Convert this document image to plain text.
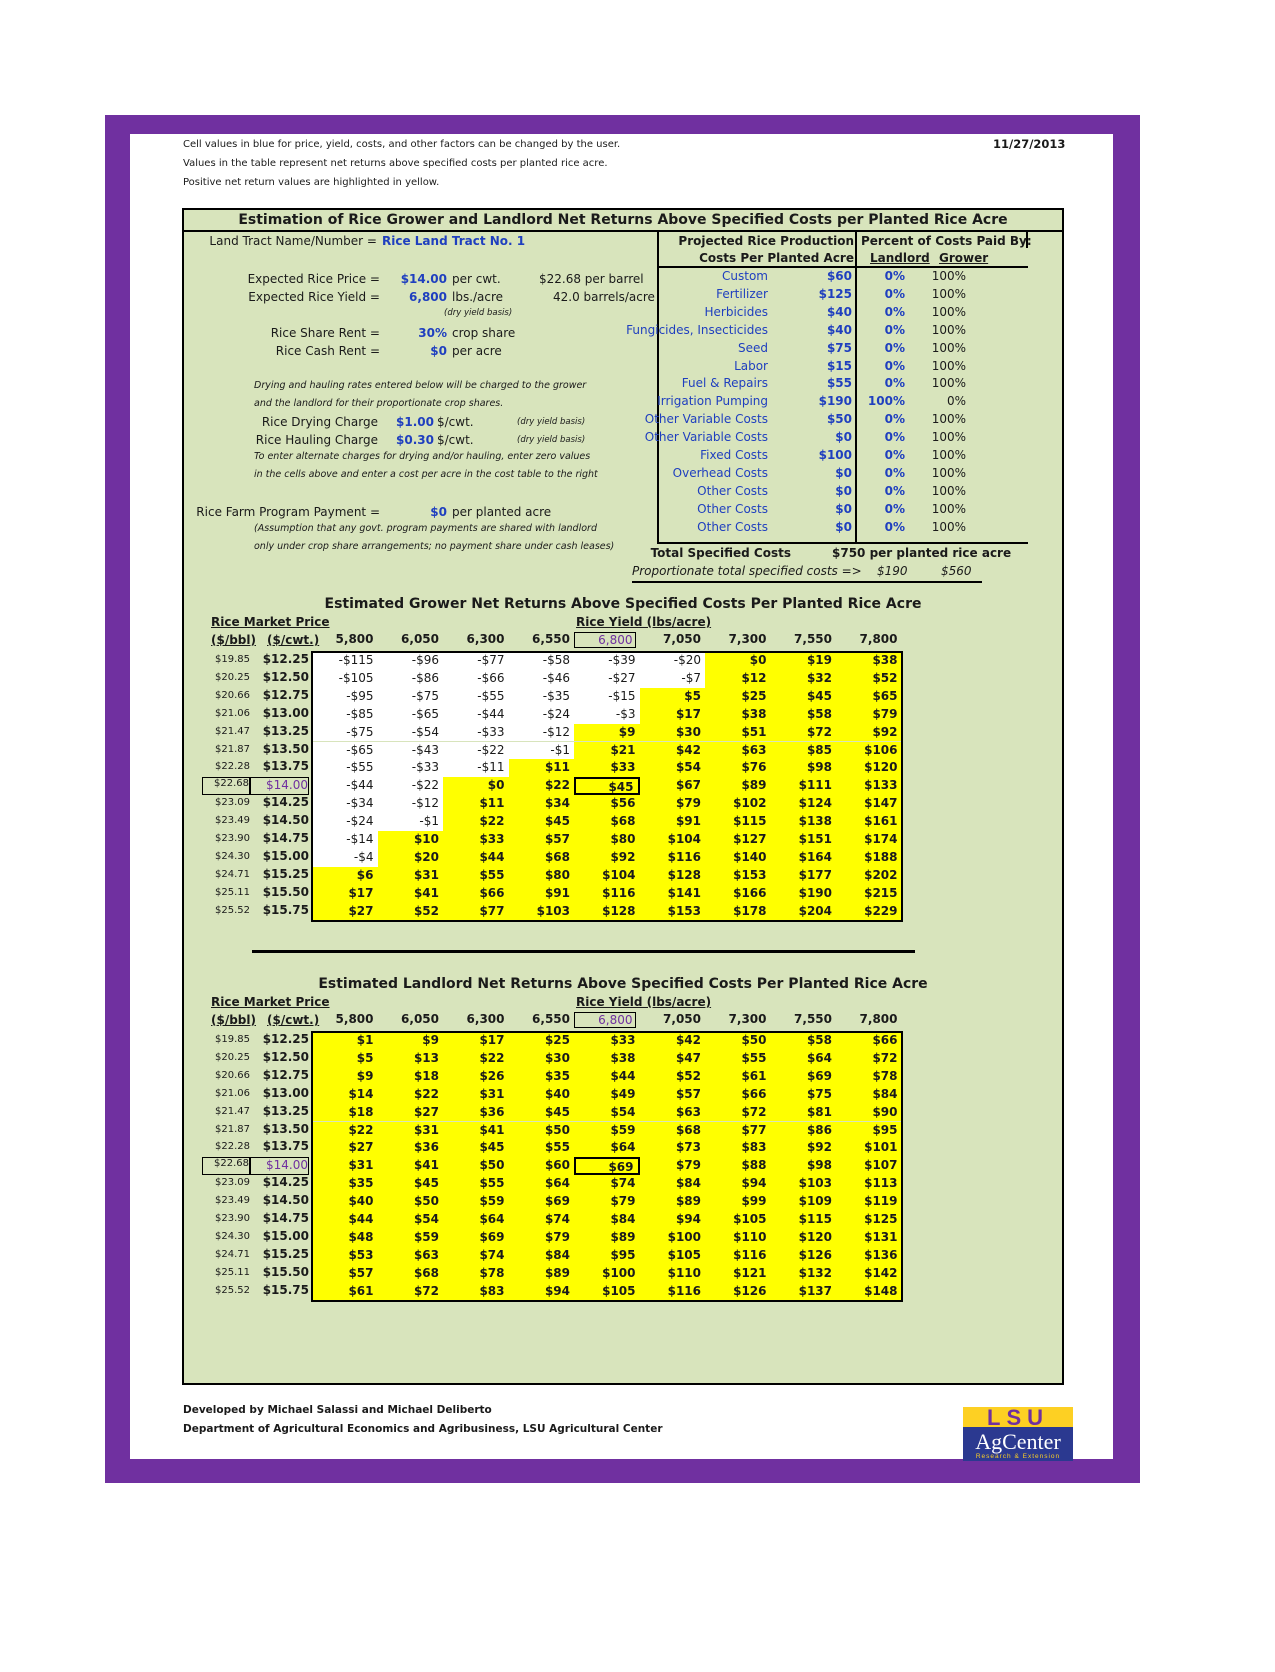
Cell values in blue for price, yield, costs, and other factors can be changed by the user.
Values in the table represent net returns above specified costs per planted rice acre.
Positive net return values are highlighted in yellow.
11/27/2013
Estimation of Rice Grower and Landlord Net Returns Above Specified Costs per Planted Rice Acre
Land Tract Name/Number = Rice Land Tract No. 1
Expected Rice Price =	$14.00 per cwt.	$22.68 per barrel
Expected Rice Yield =	6,800 lbs./acre	42.0 barrels/acre
(dry yield basis)
Rice Share Rent =	30% crop share
Rice Cash Rent =	$0 per acre
Drying and hauling rates entered below will be charged to the grower
and the landlord for their proportionate crop shares.
Rice Drying Charge	$1.00 $/cwt.	(dry yield basis)
Rice Hauling Charge	$0.30 $/cwt.	(dry yield basis)
To enter alternate charges for drying and/or hauling, enter zero values
in the cells above and enter a cost per acre in the cost table to the right
Rice Farm Program Payment =	$0 per planted acre
(Assumption that any govt. program payments are shared with landlord
only under crop share arrangements; no payment share under cash leases)
Projected Rice Production
Costs Per Planted Acre
Percent of Costs Paid By:
Landlord Grower
Custom	$60	0%	100%
Fertilizer	$125	0%	100%
Herbicides	$40	0%	100%
Fungicides, Insecticides	$40	0%	100%
Seed	$75	0%	100%
Labor	$15	0%	100%
Fuel & Repairs	$55	0%	100%
Irrigation Pumping	$190	100%	0%
Other Variable Costs	$50	0%	100%
Other Variable Costs	$0	0%	100%
Fixed Costs	$100	0%	100%
Overhead Costs	$0	0%	100%
Other Costs	$0	0%	100%
Other Costs	$0	0%	100%
Other Costs	$0	0%	100%
Total Specified Costs	$750 per planted rice acre
Proportionate total specified costs => $190	$560
Estimated Grower Net Returns Above Specified Costs Per Planted Rice Acre
Rice Market Price	Rice Yield (lbs/acre)
($/bbl) ($/cwt.)	5,800	6,050	6,300	6,550	6,800	7,050	7,300	7,550	7,800
$19.85	$12.25	-$115	-$96	-$77	-$58	-$39	-$20	$0	$19	$38
$20.25	$12.50	-$105	-$86	-$66	-$46	-$27	-$7	$12	$32	$52
$20.66	$12.75	-$95	-$75	-$55	-$35	-$15	$5	$25	$45	$65
$21.06	$13.00	-$85	-$65	-$44	-$24	-$3	$17	$38	$58	$79
$21.47	$13.25	-$75	-$54	-$33	-$12	$9	$30	$51	$72	$92
$21.87	$13.50	-$65	-$43	-$22	-$1	$21	$42	$63	$85	$106
$22.28	$13.75	-$55	-$33	-$11	$11	$33	$54	$76	$98	$120
$22.68	$14.00	-$44	-$22	$0	$22	$45	$67	$89	$111	$133
$23.09	$14.25	-$34	-$12	$11	$34	$56	$79	$102	$124	$147
$23.49	$14.50	-$24	-$1	$22	$45	$68	$91	$115	$138	$161
$23.90	$14.75	-$14	$10	$33	$57	$80	$104	$127	$151	$174
$24.30	$15.00	-$4	$20	$44	$68	$92	$116	$140	$164	$188
$24.71	$15.25	$6	$31	$55	$80	$104	$128	$153	$177	$202
$25.11	$15.50	$17	$41	$66	$91	$116	$141	$166	$190	$215
$25.52	$15.75	$27	$52	$77	$103	$128	$153	$178	$204	$229
Estimated Landlord Net Returns Above Specified Costs Per Planted Rice Acre
Rice Market Price	Rice Yield (lbs/acre)
($/bbl) ($/cwt.)	5,800	6,050	6,300	6,550	6,800	7,050	7,300	7,550	7,800
$19.85	$12.25	$1	$9	$17	$25	$33	$42	$50	$58	$66
$20.25	$12.50	$5	$13	$22	$30	$38	$47	$55	$64	$72
$20.66	$12.75	$9	$18	$26	$35	$44	$52	$61	$69	$78
$21.06	$13.00	$14	$22	$31	$40	$49	$57	$66	$75	$84
$21.47	$13.25	$18	$27	$36	$45	$54	$63	$72	$81	$90
$21.87	$13.50	$22	$31	$41	$50	$59	$68	$77	$86	$95
$22.28	$13.75	$27	$36	$45	$55	$64	$73	$83	$92	$101
$22.68	$14.00	$31	$41	$50	$60	$69	$79	$88	$98	$107
$23.09	$14.25	$35	$45	$55	$64	$74	$84	$94	$103	$113
$23.49	$14.50	$40	$50	$59	$69	$79	$89	$99	$109	$119
$23.90	$14.75	$44	$54	$64	$74	$84	$94	$105	$115	$125
$24.30	$15.00	$48	$59	$69	$79	$89	$100	$110	$120	$131
$24.71	$15.25	$53	$63	$74	$84	$95	$105	$116	$126	$136
$25.11	$15.50	$57	$68	$78	$89	$100	$110	$121	$132	$142
$25.52	$15.75	$61	$72	$83	$94	$105	$116	$126	$137	$148
Developed by Michael Salassi and Michael Deliberto
Department of Agricultural Economics and Agribusiness, LSU Agricultural Center	LSU
AgCenter
Research & Extension
